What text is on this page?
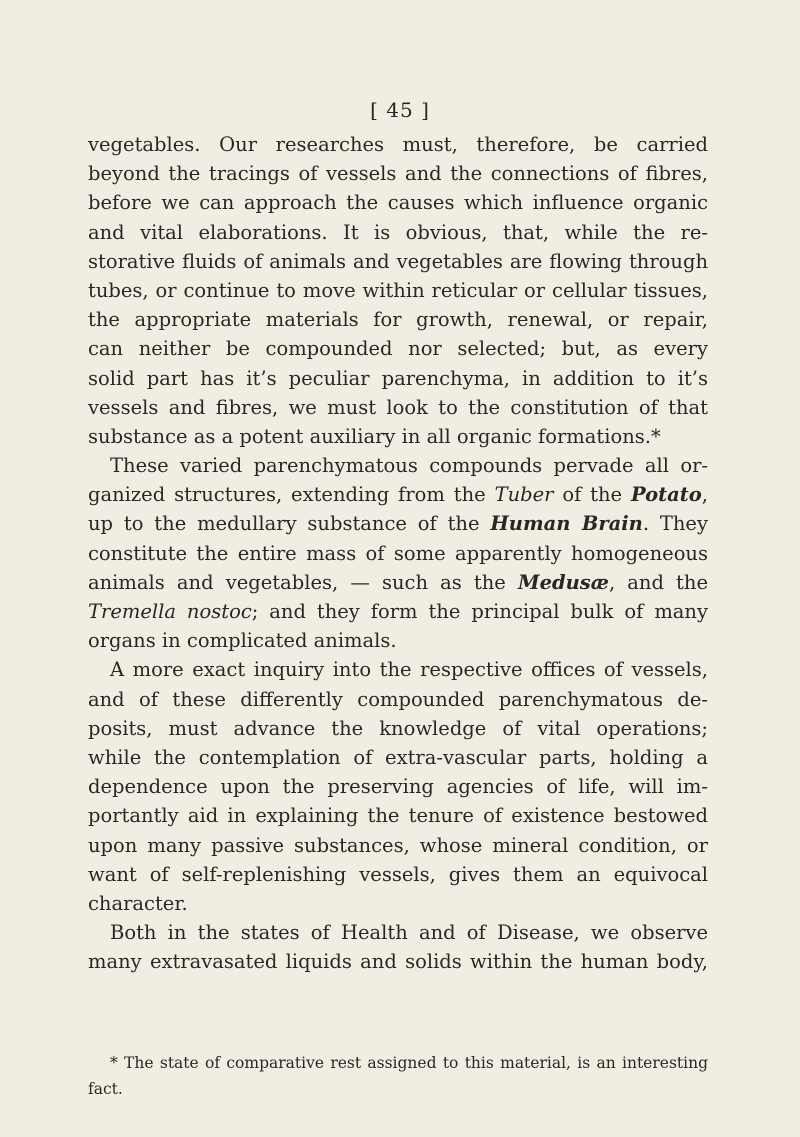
[ 45 ]
vegetables. Our researches must, therefore, be carried
beyond the tracings of vessels and the connections of fibres,
before we can approach the causes which influence organic
and vital elaborations. It is obvious, that, while the re-
storative fluids of animals and vegetables are flowing through
tubes, or continue to move within reticular or cellular tissues,
the appropriate materials for growth, renewal, or repair,
can neither be compounded nor selected; but, as every
solid part has it’s peculiar parenchyma, in addition to it’s
vessels and fibres, we must look to the constitution of that
substance as a potent auxiliary in all organic formations.*
These varied parenchymatous compounds pervade all or-
ganized structures, extending from the Tuber of the Potato,
up to the medullary substance of the Human Brain. They
constitute the entire mass of some apparently homogeneous
animals and vegetables, — such as the Medusæ, and the
Tremella nostoc; and they form the principal bulk of many
organs in complicated animals.
A more exact inquiry into the respective offices of vessels,
and of these differently compounded parenchymatous de-
posits, must advance the knowledge of vital operations;
while the contemplation of extra-vascular parts, holding a
dependence upon the preserving agencies of life, will im-
portantly aid in explaining the tenure of existence bestowed
upon many passive substances, whose mineral condition, or
want of self-replenishing vessels, gives them an equivocal
character.
Both in the states of Health and of Disease, we observe
many extravasated liquids and solids within the human body,
* The state of comparative rest assigned to this material, is an interesting
fact.
